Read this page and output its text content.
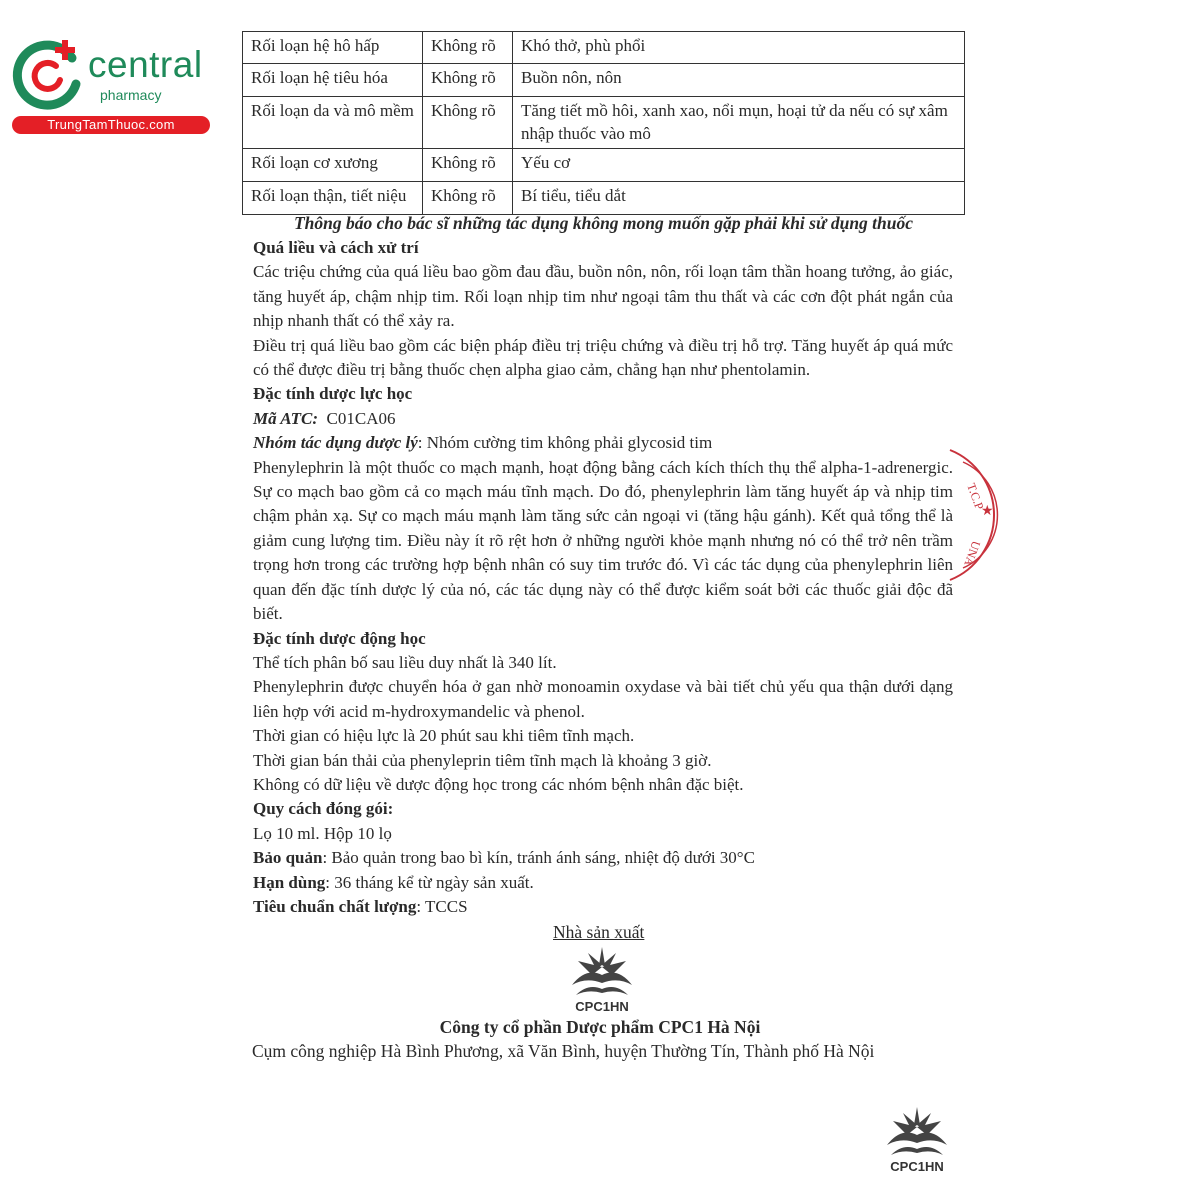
central
pharmacy
TrungTamThuoc.com
Rối loạn hệ hô hấp	Không rõ	Khó thở, phù phổi
Rối loạn hệ tiêu hóa	Không rõ	Buồn nôn, nôn
Rối loạn da và mô mềm	Không rõ	Tăng tiết mồ hôi, xanh xao, nổi mụn, hoại tử da nếu có sự xâm nhập thuốc vào mô
Rối loạn cơ xương	Không rõ	Yếu cơ
Rối loạn thận, tiết niệu	Không rõ	Bí tiểu, tiểu dắt
Thông báo cho bác sĩ những tác dụng không mong muốn gặp phải khi sử dụng thuốc

Quá liều và cách xử trí

Các triệu chứng của quá liều bao gồm đau đầu, buồn nôn, nôn, rối loạn tâm thần hoang tưởng, ảo giác, tăng huyết áp, chậm nhịp tim. Rối loạn nhịp tim như ngoại tâm thu thất và các cơn đột phát ngắn của nhịp nhanh thất có thể xảy ra.

Điều trị quá liều bao gồm các biện pháp điều trị triệu chứng và điều trị hỗ trợ. Tăng huyết áp quá mức có thể được điều trị bằng thuốc chẹn alpha giao cảm, chẳng hạn như phentolamin.

Đặc tính dược lực học

Mã ATC: C01CA06

Nhóm tác dụng dược lý: Nhóm cường tim không phải glycosid tim

Phenylephrin là một thuốc co mạch mạnh, hoạt động bằng cách kích thích thụ thể alpha-1-adrenergic. Sự co mạch bao gồm cả co mạch máu tĩnh mạch. Do đó, phenylephrin làm tăng huyết áp và nhịp tim chậm phản xạ. Sự co mạch máu mạnh làm tăng sức cản ngoại vi (tăng hậu gánh). Kết quả tổng thể là giảm cung lượng tim. Điều này ít rõ rệt hơn ở những người khỏe mạnh nhưng nó có thể trở nên trầm trọng hơn trong các trường hợp bệnh nhân có suy tim trước đó. Vì các tác dụng của phenylephrin liên quan đến đặc tính dược lý của nó, các tác dụng này có thể được kiểm soát bởi các thuốc giải độc đã biết.

Đặc tính dược động học

Thể tích phân bố sau liều duy nhất là 340 lít.

Phenylephrin được chuyển hóa ở gan nhờ monoamin oxydase và bài tiết chủ yếu qua thận dưới dạng liên hợp với acid m-hydroxymandelic và phenol.

Thời gian có hiệu lực là 20 phút sau khi tiêm tĩnh mạch.

Thời gian bán thải của phenyleprin tiêm tĩnh mạch là khoảng 3 giờ.

Không có dữ liệu về dược động học trong các nhóm bệnh nhân đặc biệt.

Quy cách đóng gói:

Lọ 10 ml. Hộp 10 lọ

Bảo quản: Bảo quản trong bao bì kín, tránh ánh sáng, nhiệt độ dưới 30°C

Hạn dùng: 36 tháng kể từ ngày sản xuất.

Tiêu chuẩn chất lượng: TCCS

T.C.P
★
UNA
Nhà sản xuất
CPC1HN
Công ty cổ phần Dược phẩm CPC1 Hà Nội
Cụm công nghiệp Hà Bình Phương, xã Văn Bình, huyện Thường Tín, Thành phố Hà Nội
CPC1HN
